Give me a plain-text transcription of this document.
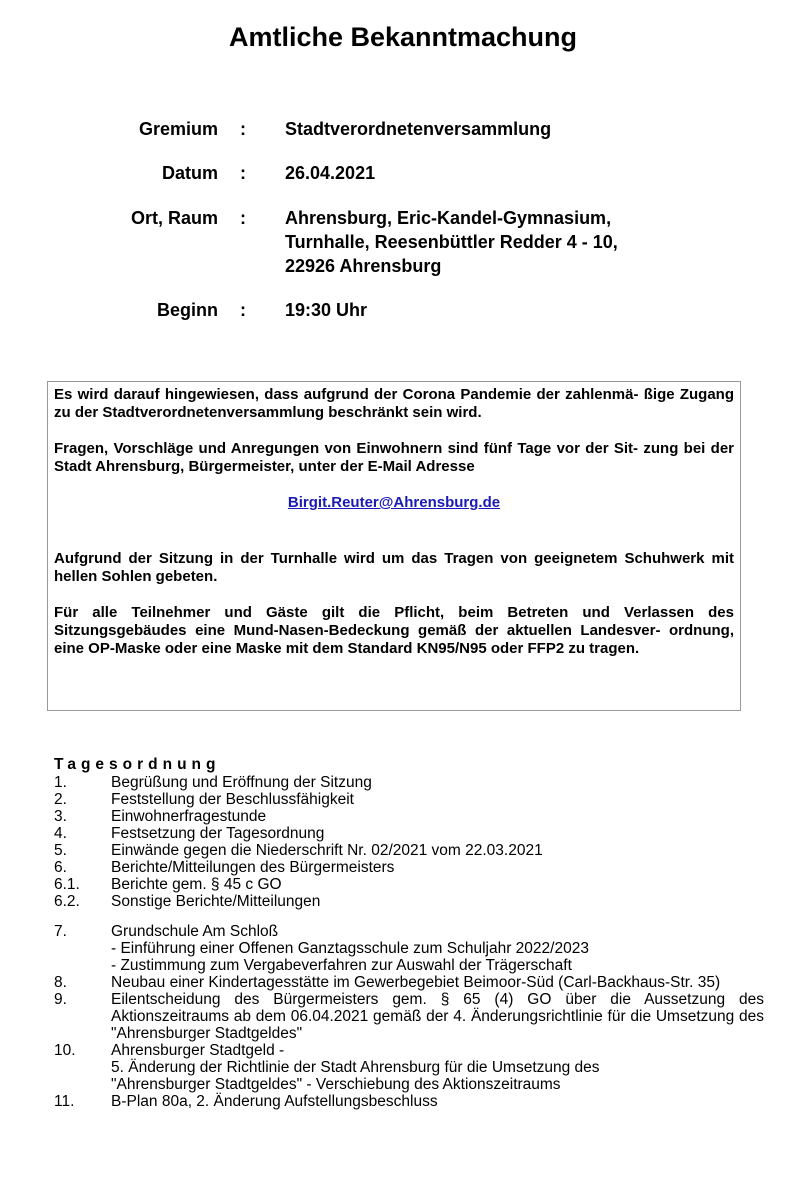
Amtliche Bekanntmachung
Gremium : Stadtverordnetenversammlung
Datum : 26.04.2021
Ort, Raum : Ahrensburg, Eric-Kandel-Gymnasium,
Turnhalle, Reesenbüttler Redder 4 - 10,
22926 Ahrensburg
Beginn : 19:30 Uhr

Es wird darauf hingewiesen, dass aufgrund der Corona Pandemie der zahlenmä- ßige Zugang zu der Stadtverordnetenversammlung beschränkt sein wird.

Fragen, Vorschläge und Anregungen von Einwohnern sind fünf Tage vor der Sit- zung bei der Stadt Ahrensburg, Bürgermeister, unter der E-Mail Adresse

Birgit.Reuter@Ahrensburg.de

Aufgrund der Sitzung in der Turnhalle wird um das Tragen von geeignetem Schuhwerk mit hellen Sohlen gebeten.

Für alle Teilnehmer und Gäste gilt die Pflicht, beim Betreten und Verlassen des Sitzungsgebäudes eine Mund-Nasen-Bedeckung gemäß der aktuellen Landesver- ordnung, eine OP-Maske oder eine Maske mit dem Standard KN95/N95 oder FFP2 zu tragen.

Tagesordnung
1.	Begrüßung und Eröffnung der Sitzung
2.	Feststellung der Beschlussfähigkeit
3.	Einwohnerfragestunde
4.	Festsetzung der Tagesordnung
5.	Einwände gegen die Niederschrift Nr. 02/2021 vom 22.03.2021
6.	Berichte/Mitteilungen des Bürgermeisters
6.1.	Berichte gem. § 45 c GO
6.2.	Sonstige Berichte/Mitteilungen
7.	Grundschule Am Schloß
- Einführung einer Offenen Ganztagsschule zum Schuljahr 2022/2023
- Zustimmung zum Vergabeverfahren zur Auswahl der Trägerschaft
8.	Neubau einer Kindertagesstätte im Gewerbegebiet Beimoor-Süd (Carl-Backhaus-Str. 35)
9.	Eilentscheidung des Bürgermeisters gem. § 65 (4) GO über die Aussetzung des Aktionszeitraums ab dem 06.04.2021 gemäß der 4. Änderungsrichtlinie für die Umsetzung des "Ahrensburger Stadtgeldes"
10.	Ahrensburger Stadtgeld -
5. Änderung der Richtlinie der Stadt Ahrensburg für die Umsetzung des
"Ahrensburger Stadtgeldes" - Verschiebung des Aktionszeitraums
11.	B-Plan 80a, 2. Änderung Aufstellungsbeschluss
